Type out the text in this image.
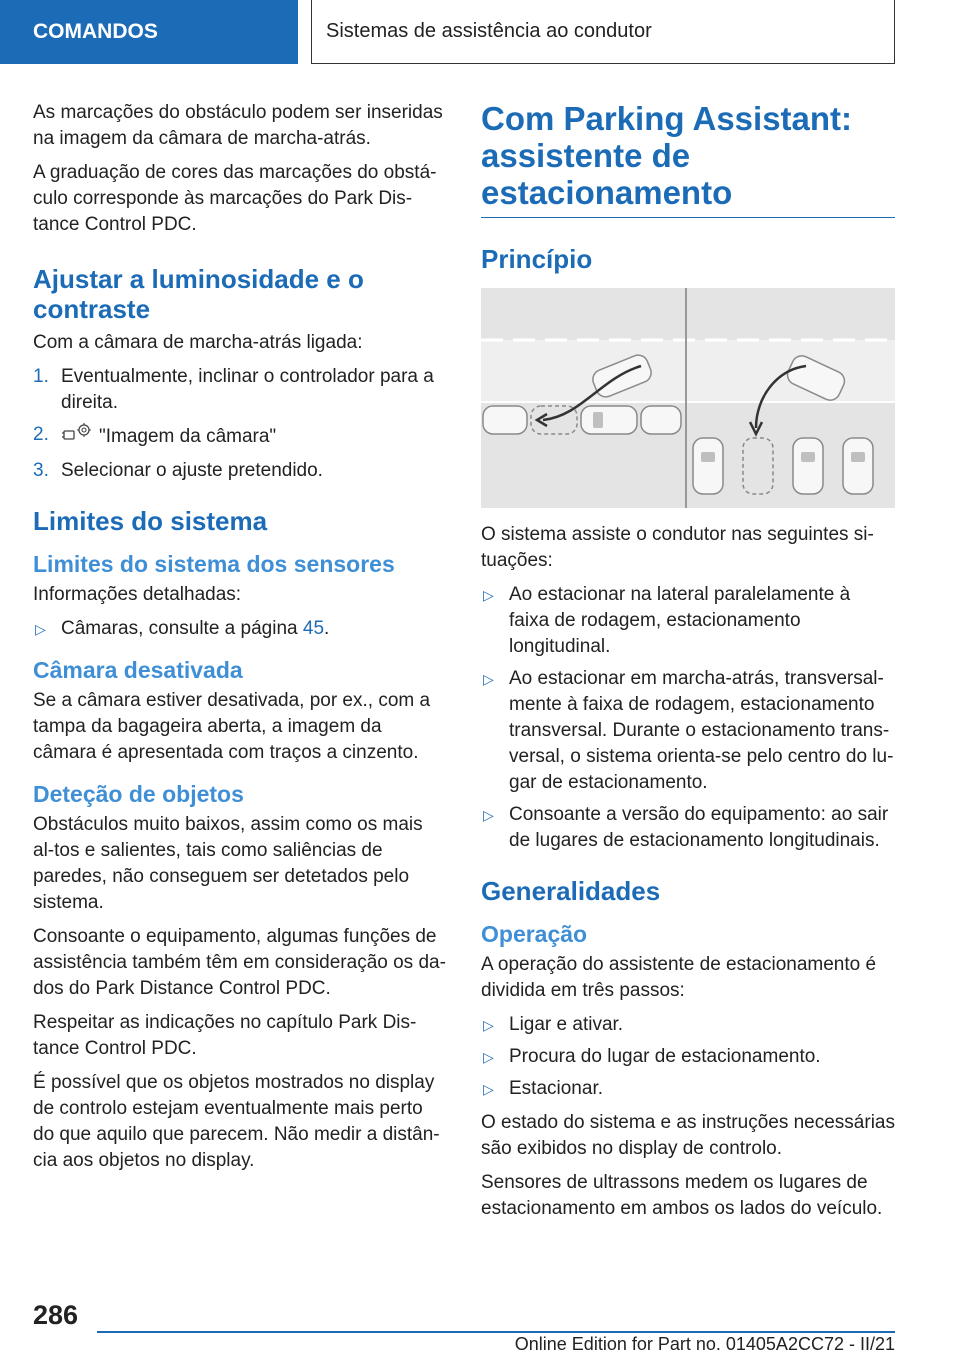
COMANDOS	Sistemas de assistência ao condutor

As marcações do obstáculo podem ser inseridas na imagem da câmara de marcha-atrás.

A graduação de cores das marcações do obstá-culo corresponde às marcações do Park Dis-tance Control PDC.

Ajustar a luminosidade e o contraste

Com a câmara de marcha-atrás ligada:

1. Eventualmente, inclinar o controlador para a direita.
2.	"Imagem da câmara"
3. Selecionar o ajuste pretendido.
Limites do sistema
Limites do sistema dos sensores

Informações detalhadas:

▷ Câmaras, consulte a página 45.
Câmara desativada

Se a câmara estiver desativada, por ex., com a tampa da bagageira aberta, a imagem da câmara é apresentada com traços a cinzento.

Deteção de objetos

Obstáculos muito baixos, assim como os mais al-tos e salientes, tais como saliências de paredes, não conseguem ser detetados pelo sistema.

Consoante o equipamento, algumas funções de assistência também têm em consideração os da-dos do Park Distance Control PDC.

Respeitar as indicações no capítulo Park Dis-tance Control PDC.

É possível que os objetos mostrados no display de controlo estejam eventualmente mais perto do que aquilo que parecem. Não medir a distân-cia aos objetos no display.

Com Parking Assistant: assistente de estacionamento
Princípio

O sistema assiste o condutor nas seguintes si-tuações:

▷ Ao estacionar na lateral paralelamente à faixa de rodagem, estacionamento longitudinal.
▷ Ao estacionar em marcha-atrás, transversal-mente à faixa de rodagem, estacionamento transversal. Durante o estacionamento trans-versal, o sistema orienta-se pelo centro do lu-gar de estacionamento.
▷ Consoante a versão do equipamento: ao sair de lugares de estacionamento longitudinais.
Generalidades
Operação

A operação do assistente de estacionamento é dividida em três passos:

▷ Ligar e ativar.
▷ Procura do lugar de estacionamento.
▷ Estacionar.

O estado do sistema e as instruções necessárias são exibidos no display de controlo.

Sensores de ultrassons medem os lugares de estacionamento em ambos os lados do veículo.

286
Online Edition for Part no. 01405A2CC72 - II/21
